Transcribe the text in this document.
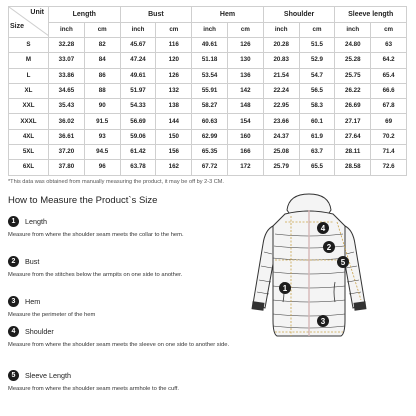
Unit	Length		Bust		Hem		Shoulder		Sleeve length	
	inch	cm	inch	cm	inch	cm	inch	cm	inch	cm
S	32.28	82	45.67	116	49.61	126	20.28	51.5	24.80	63
M	33.07	84	47.24	120	51.18	130	20.83	52.9	25.28	64.2
L	33.86	86	49.61	126	53.54	136	21.54	54.7	25.75	65.4
XL	34.65	88	51.97	132	55.91	142	22.24	56.5	26.22	66.6
XXL	35.43	90	54.33	138	58.27	148	22.95	58.3	26.69	67.8
XXXL	36.02	91.5	56.69	144	60.63	154	23.66	60.1	27.17	69
4XL	36.61	93	59.06	150	62.99	160	24.37	61.9	27.64	70.2
5XL	37.20	94.5	61.42	156	65.35	166	25.08	63.7	28.11	71.4
6XL	37.80	96	63.78	162	67.72	172	25.79	65.5	28.58	72.6
Size
*This data was obtained from manually measuring the product, it may be off by 2-3 CM.
How to Measure the Product`s Size
1	Length
Measure from where the shoulder seam meets the collar to the hem.
2	Bust
Measure from the stitches below the armpits on one side to another.
3	Hem
Measure the perimeter of the hem
4	Shoulder
Measure from where the shoulder seam meets the sleeve on one side to another side.
5	Sleeve Length
Measure from where the shoulder seam meets armhole to the cuff.
4
2
5
1
3
